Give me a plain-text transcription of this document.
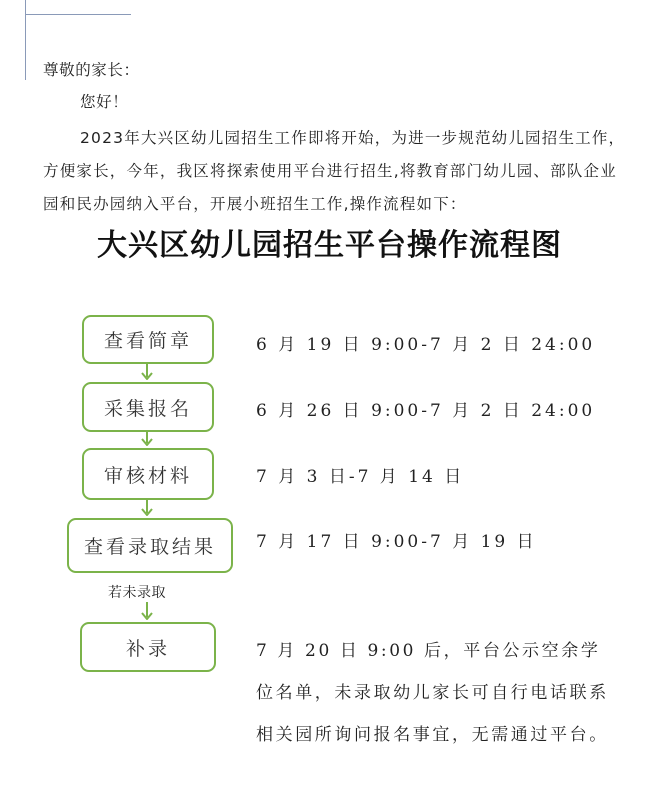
尊敬的家长：
您好！
2023年大兴区幼儿园招生工作即将开始，为进一步规范幼儿园招生工作，方便家长，今年，我区将探索使用平台进行招生,将教育部门幼儿园、部队企业园和民办园纳入平台，开展小班招生工作,操作流程如下：
大兴区幼儿园招生平台操作流程图
查看简章
采集报名
审核材料
查看录取结果
若未录取
补录
6 月 19 日 9:00-7 月 2 日 24:00
6 月 26 日 9:00-7 月 2 日 24:00
7 月 3 日-7 月 14 日
7 月 17 日 9:00-7 月 19 日
7 月 20 日 9:00 后，平台公示空余学位名单，未录取幼儿家长可自行电话联系相关园所询问报名事宜，无需通过平台。
